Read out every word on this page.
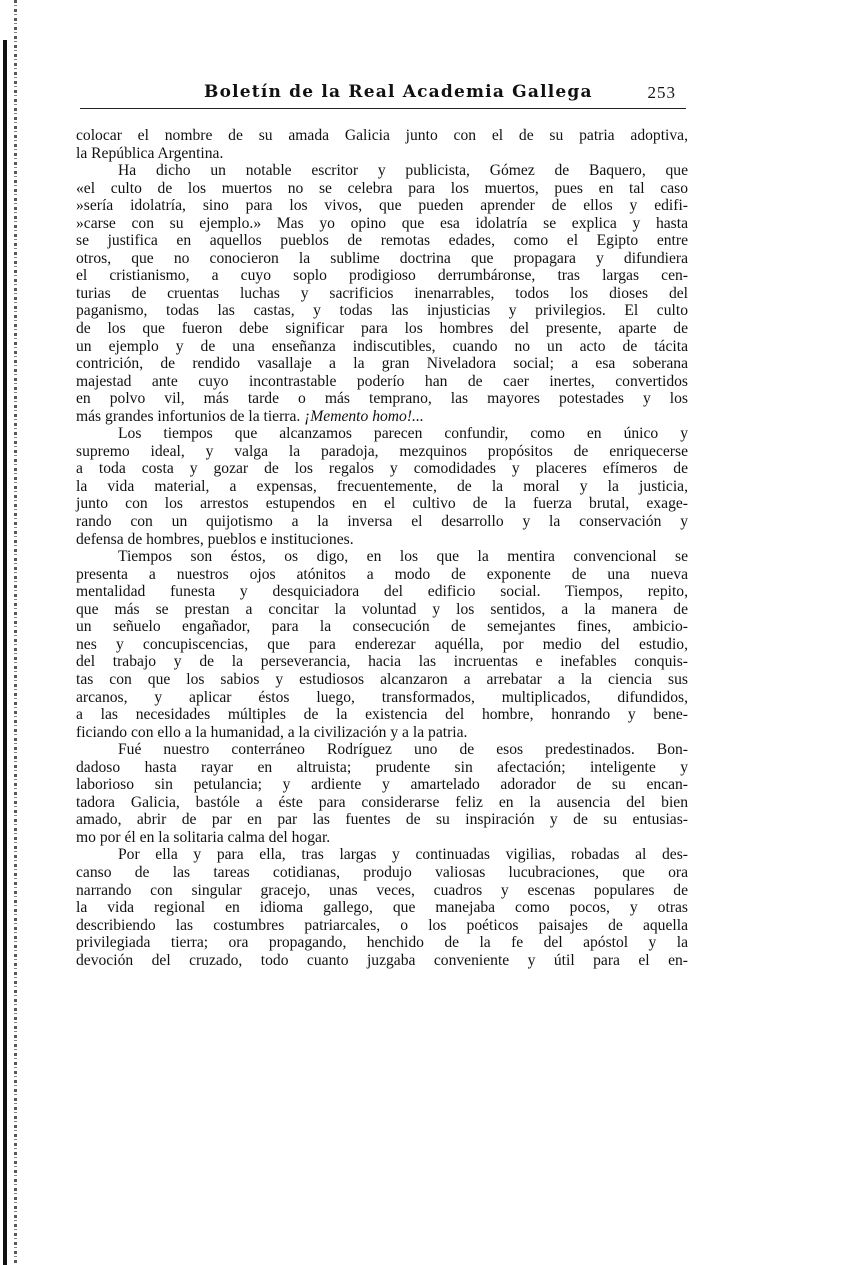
Boletín de la Real Academia Gallega	253
colocar el nombre de su amada Galicia junto con el de su patria adoptiva,
la República Argentina.
Ha dicho un notable escritor y publicista, Gómez de Baquero, que
«el culto de los muertos no se celebra para los muertos, pues en tal caso
»sería idolatría, sino para los vivos, que pueden aprender de ellos y edifi-
»carse con su ejemplo.» Mas yo opino que esa idolatría se explica y hasta
se justifica en aquellos pueblos de remotas edades, como el Egipto entre
otros, que no conocieron la sublime doctrina que propagara y difundiera
el cristianismo, a cuyo soplo prodigioso derrumbáronse, tras largas cen-
turias de cruentas luchas y sacrificios inenarrables, todos los dioses del
paganismo, todas las castas, y todas las injusticias y privilegios. El culto
de los que fueron debe significar para los hombres del presente, aparte de
un ejemplo y de una enseñanza indiscutibles, cuando no un acto de tácita
contrición, de rendido vasallaje a la gran Niveladora social; a esa soberana
majestad ante cuyo incontrastable poderío han de caer inertes, convertidos
en polvo vil, más tarde o más temprano, las mayores potestades y los
más grandes infortunios de la tierra. ¡Memento homo!...
Los tiempos que alcanzamos parecen confundir, como en único y
supremo ideal, y valga la paradoja, mezquinos propósitos de enriquecerse
a toda costa y gozar de los regalos y comodidades y placeres efímeros de
la vida material, a expensas, frecuentemente, de la moral y la justicia,
junto con los arrestos estupendos en el cultivo de la fuerza brutal, exage-
rando con un quijotismo a la inversa el desarrollo y la conservación y
defensa de hombres, pueblos e instituciones.
Tiempos son éstos, os digo, en los que la mentira convencional se
presenta a nuestros ojos atónitos a modo de exponente de una nueva
mentalidad funesta y desquiciadora del edificio social. Tiempos, repito,
que más se prestan a concitar la voluntad y los sentidos, a la manera de
un señuelo engañador, para la consecución de semejantes fines, ambicio-
nes y concupiscencias, que para enderezar aquélla, por medio del estudio,
del trabajo y de la perseverancia, hacia las incruentas e inefables conquis-
tas con que los sabios y estudiosos alcanzaron a arrebatar a la ciencia sus
arcanos, y aplicar éstos luego, transformados, multiplicados, difundidos,
a las necesidades múltiples de la existencia del hombre, honrando y bene-
ficiando con ello a la humanidad, a la civilización y a la patria.
Fué nuestro conterráneo Rodríguez uno de esos predestinados. Bon-
dadoso hasta rayar en altruista; prudente sin afectación; inteligente y
laborioso sin petulancia; y ardiente y amartelado adorador de su encan-
tadora Galicia, bastóle a éste para considerarse feliz en la ausencia del bien
amado, abrir de par en par las fuentes de su inspiración y de su entusias-
mo por él en la solitaria calma del hogar.
Por ella y para ella, tras largas y continuadas vigilias, robadas al des-
canso de las tareas cotidianas, produjo valiosas lucubraciones, que ora
narrando con singular gracejo, unas veces, cuadros y escenas populares de
la vida regional en idioma gallego, que manejaba como pocos, y otras
describiendo las costumbres patriarcales, o los poéticos paisajes de aquella
privilegiada tierra; ora propagando, henchido de la fe del apóstol y la
devoción del cruzado, todo cuanto juzgaba conveniente y útil para el en-
